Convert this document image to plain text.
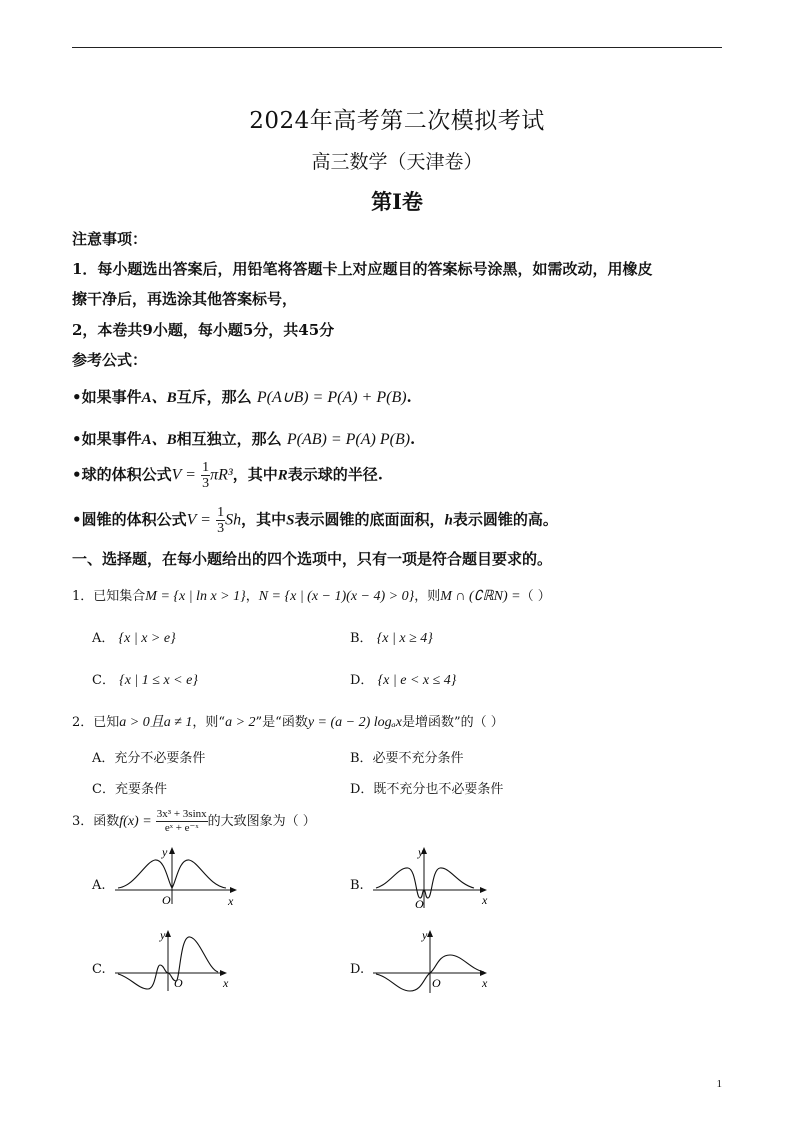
2024年高考第二次模拟考试
高三数学（天津卷）
第I卷
注意事项：
1．每小题选出答案后，用铅笔将答题卡上对应题目的答案标号涂黑，如需改动，用橡皮
擦干净后，再选涂其他答案标号，
2，本卷共9小题，每小题5分，共45分
参考公式：
•如果事件A、B互斥，那么 P(A∪B) = P(A) + P(B).
•如果事件A、B相互独立，那么 P(AB) = P(A) P(B).
•球的体积公式$V = \frac{1}{3} \pi R^3$，其中R表示球的半径.
•圆锥的体积公式$V = \frac{1}{3}$ Sh，其中S表示圆锥的底面面积，h表示圆锥的高。
一、选择题，在每小题给出的四个选项中，只有一项是符合题目要求的。
1．已知集合M = {x | ln x > 1}，N = {x | (x − 1)(x − 4) > 0}，则M ∩ (∁ℝN) =（ ）
A． {x | x > e}	B． {x | x ≥ 4}
C． {x | 1 ≤ x < e}	D． {x | e < x ≤ 4}
2．已知a > 0且a ≠ 1，则“a > 2”是“函数y = (a − 2) logₐx是增函数”的（ ）
A．充分不必要条件	B．必要不充分条件
C．充要条件	D．既不充分也不必要条件
3．函数$f(x) = \frac{\text{3x³ + 3sinx}}{\text{eˣ + e⁻ˣ}}$ 的大致图象为（ ）
A.
O	x
y
B.
O	x
y
C.
O	x
y
D.
O	x
y
1
